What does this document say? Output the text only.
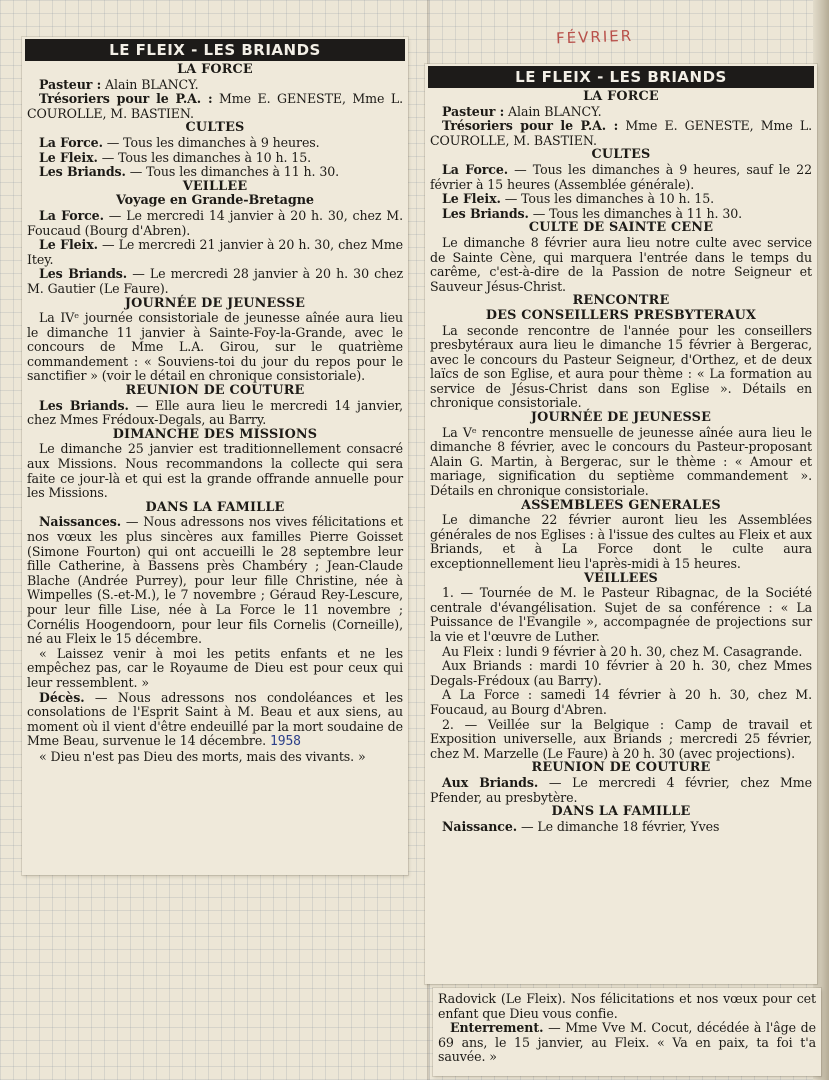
FÉVRIER
LE FLEIX - LES BRIANDS
LA FORCE
Pasteur : Alain BLANCY.
Trésoriers pour le P.A. : Mme E. GENESTE, Mme L. COUROLLE, M. BASTIEN.
CULTES
La Force. — Tous les dimanches à 9 heures.
Le Fleix. — Tous les dimanches à 10 h. 15.
Les Briands. — Tous les dimanches à 11 h. 30.
VEILLEE
Voyage en Grande-Bretagne
La Force. — Le mercredi 14 janvier à 20 h. 30, chez M. Foucaud (Bourg d'Abren).
Le Fleix. — Le mercredi 21 janvier à 20 h. 30, chez Mme Itey.
Les Briands. — Le mercredi 28 janvier à 20 h. 30 chez M. Gautier (Le Faure).
JOURNÉE DE JEUNESSE
La IVᵉ journée consistoriale de jeunesse aînée aura lieu le dimanche 11 janvier à Sainte-Foy-la-Grande, avec le concours de Mme L.A. Girou, sur le quatrième commandement : « Souviens-toi du jour du repos pour le sanctifier » (voir le détail en chronique consistoriale).
REUNION DE COUTURE
Les Briands. — Elle aura lieu le mercredi 14 janvier, chez Mmes Frédoux-Degals, au Barry.
DIMANCHE DES MISSIONS
Le dimanche 25 janvier est traditionnellement consacré aux Missions. Nous recommandons la collecte qui sera faite ce jour-là et qui est la grande offrande annuelle pour les Missions.
DANS LA FAMILLE
Naissances. — Nous adressons nos vives félicitations et nos vœux les plus sincères aux familles Pierre Goisset (Simone Fourton) qui ont accueilli le 28 septembre leur fille Catherine, à Bassens près Chambéry ; Jean-Claude Blache (Andrée Purrey), pour leur fille Christine, née à Wimpelles (S.-et-M.), le 7 novembre ; Géraud Rey-Lescure, pour leur fille Lise, née à La Force le 11 novembre ; Cornélis Hoogendoorn, pour leur fils Cornelis (Corneille), né au Fleix le 15 décembre.
« Laissez venir à moi les petits enfants et ne les empêchez pas, car le Royaume de Dieu est pour ceux qui leur ressemblent. »
Décès. — Nous adressons nos condoléances et les consolations de l'Esprit Saint à M. Beau et aux siens, au moment où il vient d'être endeuillé par la mort soudaine de Mme Beau, survenue le 14 décembre. 1958
« Dieu n'est pas Dieu des morts, mais des vivants. »
LE FLEIX - LES BRIANDS
LA FORCE
Pasteur : Alain BLANCY.
Trésoriers pour le P.A. : Mme E. GENESTE, Mme L. COUROLLE, M. BASTIEN.
CULTES
La Force. — Tous les dimanches à 9 heures, sauf le 22 février à 15 heures (Assemblée générale).
Le Fleix. — Tous les dimanches à 10 h. 15.
Les Briands. — Tous les dimanches à 11 h. 30.
CULTE DE SAINTE CENE
Le dimanche 8 février aura lieu notre culte avec service de Sainte Cène, qui marquera l'entrée dans le temps du carême, c'est-à-dire de la Passion de notre Seigneur et Sauveur Jésus-Christ.
RENCONTRE
DES CONSEILLERS PRESBYTERAUX
La seconde rencontre de l'année pour les conseillers presbytéraux aura lieu le dimanche 15 février à Bergerac, avec le concours du Pasteur Seigneur, d'Orthez, et de deux laïcs de son Eglise, et aura pour thème : « La formation au service de Jésus-Christ dans son Eglise ». Détails en chronique consistoriale.
JOURNÉE DE JEUNESSE
La Vᵉ rencontre mensuelle de jeunesse aînée aura lieu le dimanche 8 février, avec le concours du Pasteur-proposant Alain G. Martin, à Bergerac, sur le thème : « Amour et mariage, signification du septième commandement ». Détails en chronique consistoriale.
ASSEMBLEES GENERALES
Le dimanche 22 février auront lieu les Assemblées générales de nos Eglises : à l'issue des cultes au Fleix et aux Briands, et à La Force dont le culte aura exceptionnellement lieu l'après-midi à 15 heures.
VEILLEES
1. — Tournée de M. le Pasteur Ribagnac, de la Société centrale d'évangélisation. Sujet de sa conférence : « La Puissance de l'Evangile », accompagnée de projections sur la vie et l'œuvre de Luther.
Au Fleix : lundi 9 février à 20 h. 30, chez M. Casagrande.
Aux Briands : mardi 10 février à 20 h. 30, chez Mmes Degals-Frédoux (au Barry).
A La Force : samedi 14 février à 20 h. 30, chez M. Foucaud, au Bourg d'Abren.
2. — Veillée sur la Belgique : Camp de travail et Exposition universelle, aux Briands ; mercredi 25 février, chez M. Marzelle (Le Faure) à 20 h. 30 (avec projections).
REUNION DE COUTURE
Aux Briands. — Le mercredi 4 février, chez Mme Pfender, au presbytère.
DANS LA FAMILLE
Naissance. — Le dimanche 18 février, Yves
Radovick (Le Fleix). Nos félicitations et nos vœux pour cet enfant que Dieu vous confie.
Enterrement. — Mme Vve M. Cocut, décédée à l'âge de 69 ans, le 15 janvier, au Fleix. « Va en paix, ta foi t'a sauvée. »
